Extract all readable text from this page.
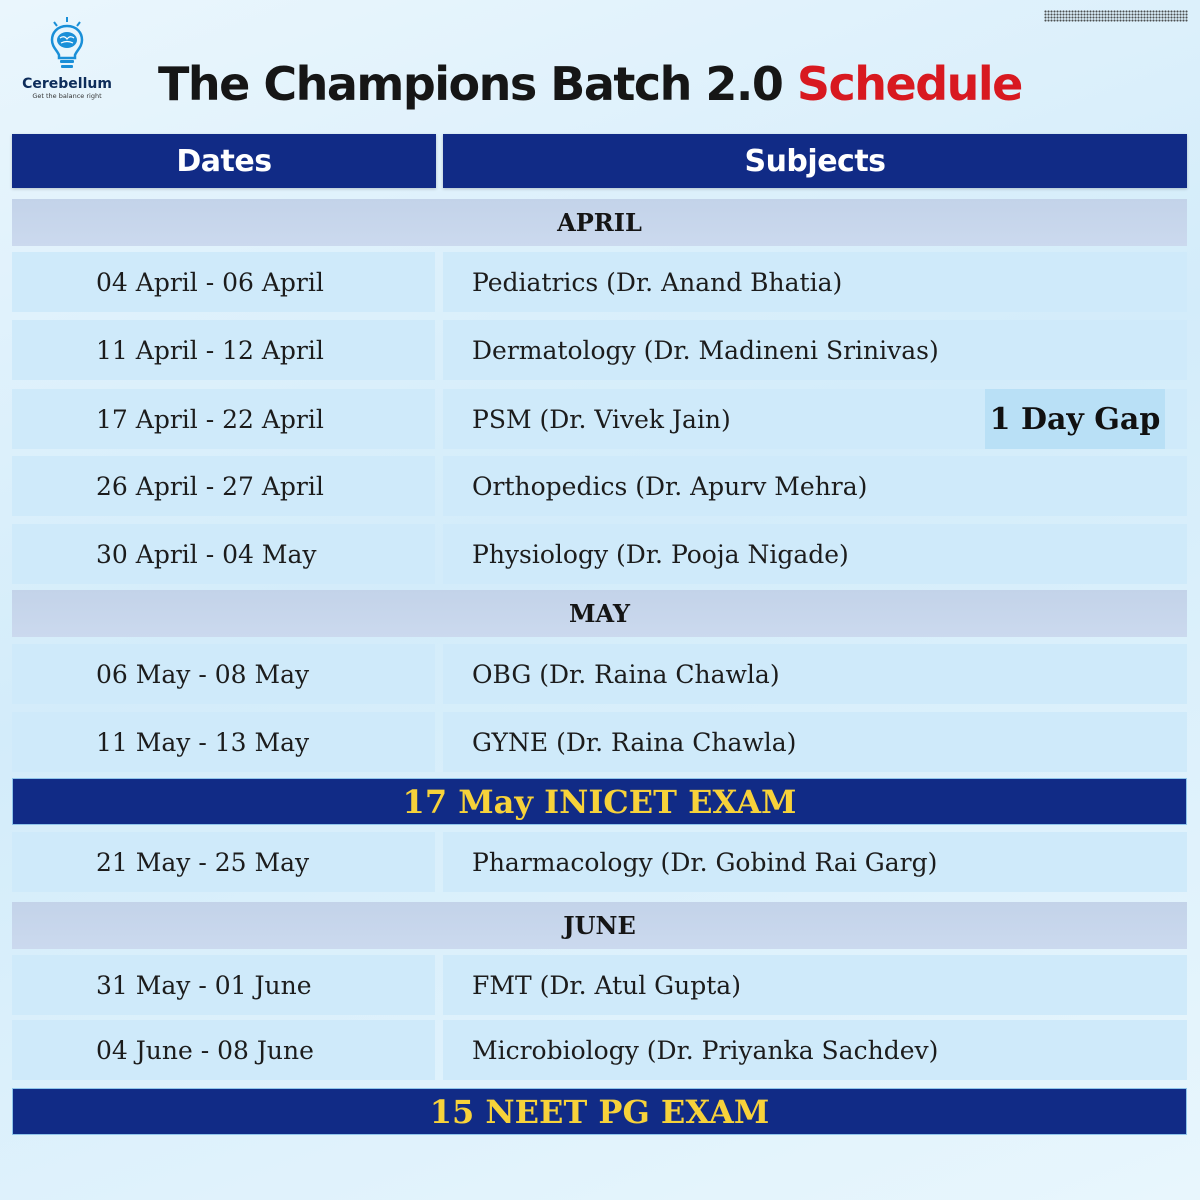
Cerebellum
Get the balance right	The Champions Batch 2.0 Schedule
Dates	Subjects
APRIL
04 April - 06 April	Pediatrics (Dr. Anand Bhatia)
11 April - 12 April	Dermatology (Dr. Madineni Srinivas)
17 April - 22 April	PSM (Dr. Vivek Jain)	1 Day Gap
26 April - 27 April	Orthopedics (Dr. Apurv Mehra)
30 April - 04 May	Physiology (Dr. Pooja Nigade)
MAY
06 May - 08 May	OBG (Dr. Raina Chawla)
11 May - 13 May	GYNE (Dr. Raina Chawla)
17 May INICET EXAM
21 May - 25 May	Pharmacology (Dr. Gobind Rai Garg)
JUNE
31 May - 01 June	FMT (Dr. Atul Gupta)
04 June - 08 June	Microbiology (Dr. Priyanka Sachdev)
15 NEET PG EXAM
